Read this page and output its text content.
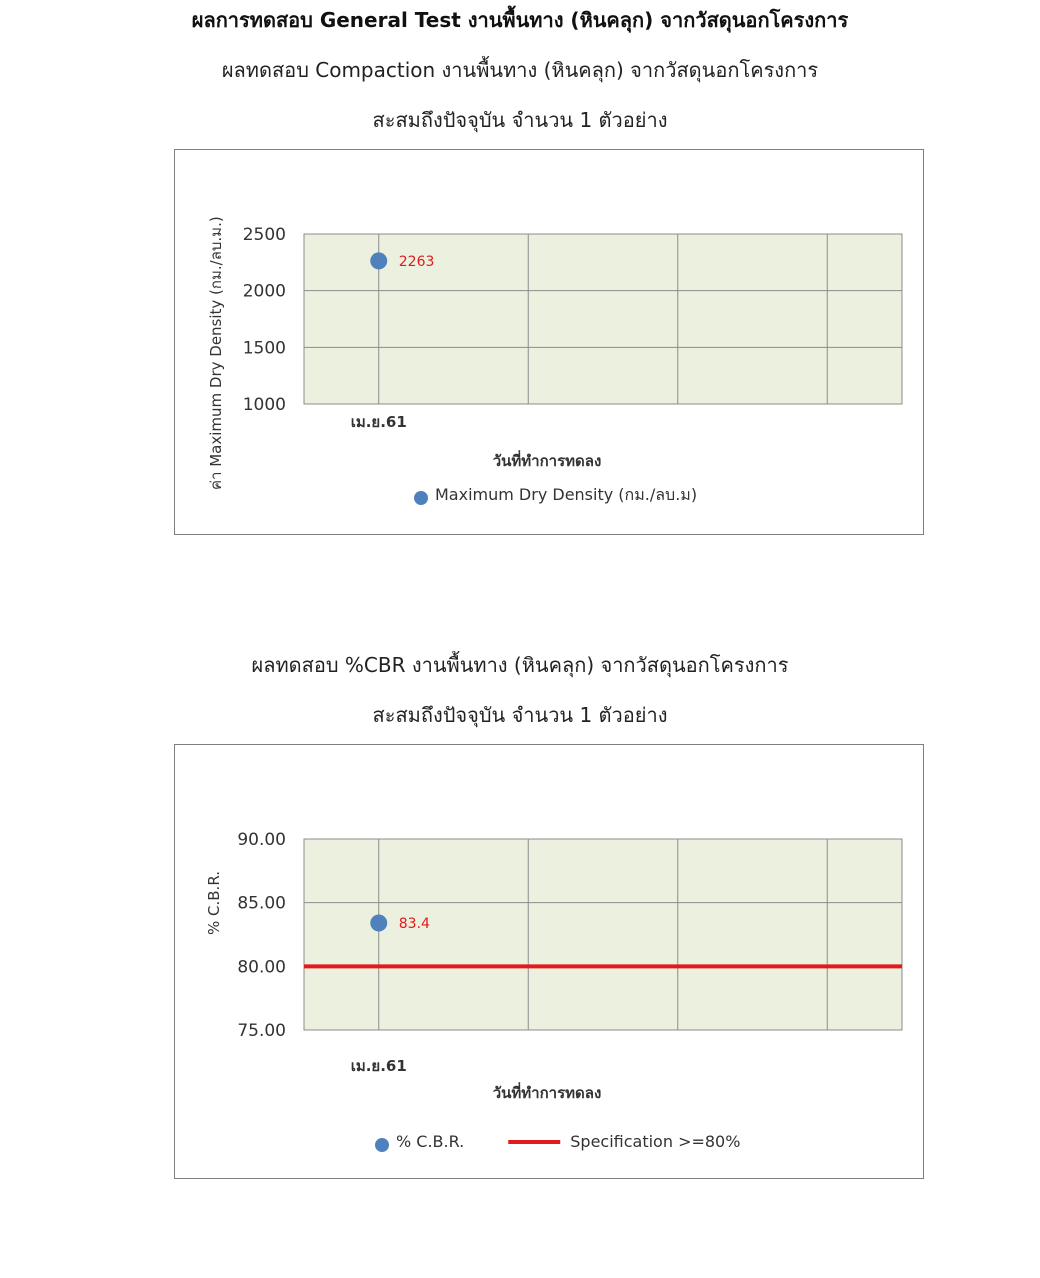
ผลการทดสอบ General Test งานพื้นทาง (หินคลุก) จากวัสดุนอกโครงการ
ผลทดสอบ Compaction งานพื้นทาง (หินคลุก) จากวัสดุนอกโครงการ
สะสมถึงปัจจุบัน จำนวน 1 ตัวอย่าง
1000
1500
2000
2500
เม.ย.61
วันที่ทำการทดลง
ค่า Maximum Dry Density (กม./ลบ.ม.)	2263
Maximum Dry Density (กม./ลบ.ม)
ผลทดสอบ %CBR งานพื้นทาง (หินคลุก) จากวัสดุนอกโครงการ
สะสมถึงปัจจุบัน จำนวน 1 ตัวอย่าง
75.00
80.00
85.00
90.00
เม.ย.61
วันที่ทำการทดลง
% C.B.R.	83.4
% C.B.R.	Specification >=80%
